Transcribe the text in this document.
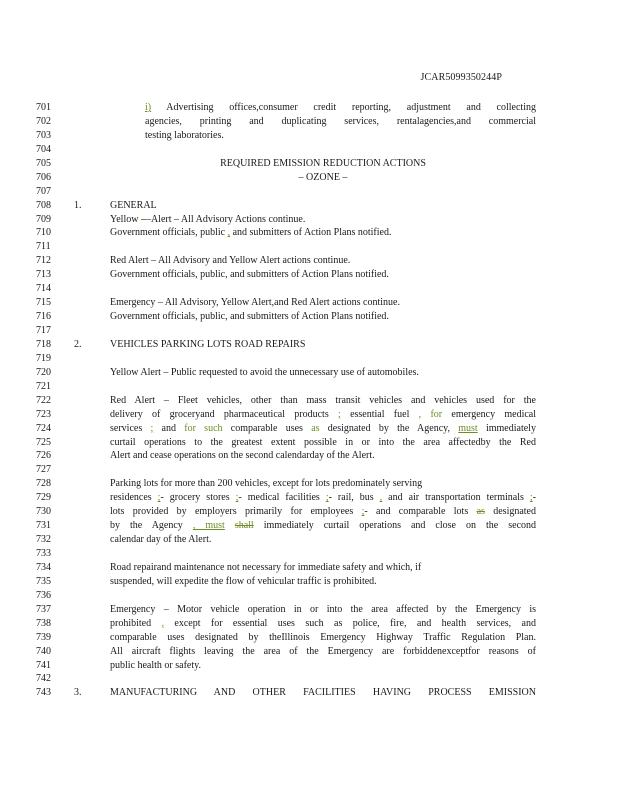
JCAR5099350244P
701	i) Advertising offices,consumer credit reporting, adjustment and collecting
702	agencies, printing and duplicating services, rentalagencies,and commercial
703	testing laboratories.
704
705	REQUIRED EMISSION REDUCTION ACTIONS
706	– OZONE –
707
708	1.	GENERAL
709	Yellow ––Alert – All Advisory Actions continue.
710	Government officials, public , and submitters of Action Plans notified.
711
712	Red Alert – All Advisory and Yellow Alert actions continue.
713	Government officials, public, and submitters of Action Plans notified.
714
715	Emergency – All Advisory, Yellow Alert,and Red Alert actions continue.
716	Government officials, public, and submitters of Action Plans notified.
717
718	2.	VEHICLES PARKING LOTS ROAD REPAIRS
719
720	Yellow Alert – Public requested to avoid the unnecessary use of automobiles.
721
722	Red Alert – Fleet vehicles, other than mass transit vehicles and vehicles used for the
723	delivery of groceryand pharmaceutical products ; essential fuel , for emergency medical
724	services ; and for such comparable uses as designated by the Agency, must immediately
725	curtail operations to the greatest extent possible in or into the area affectedby the Red
726	Alert and cease operations on the second calendarday of the Alert.
727
728	Parking lots for more than 200 vehicles, except for lots predominately serving
729	residences ;- grocery stores ;- medical facilities ;- rail, bus , and air transportation terminals ;-
730	lots provided by employers primarily for employees ;- and comparable lots as designated
731	by the Agency , must shall immediately curtail operations and close on the second
732	calendar day of the Alert.
733
734	Road repairand maintenance not necessary for immediate safety and which, if
735	suspended, will expedite the flow of vehicular traffic is prohibited.
736
737	Emergency – Motor vehicle operation in or into the area affected by the Emergency is
738	prohibited , except for essential uses such as police, fire, and health services, and
739	comparable uses designated by theIllinois Emergency Highway Traffic Regulation Plan.
740	All aircraft flights leaving the area of the Emergency are forbiddenexceptfor reasons of
741	public health or safety.
742
743	3.	MANUFACTURING AND OTHER FACILITIES HAVING PROCESS EMISSION
